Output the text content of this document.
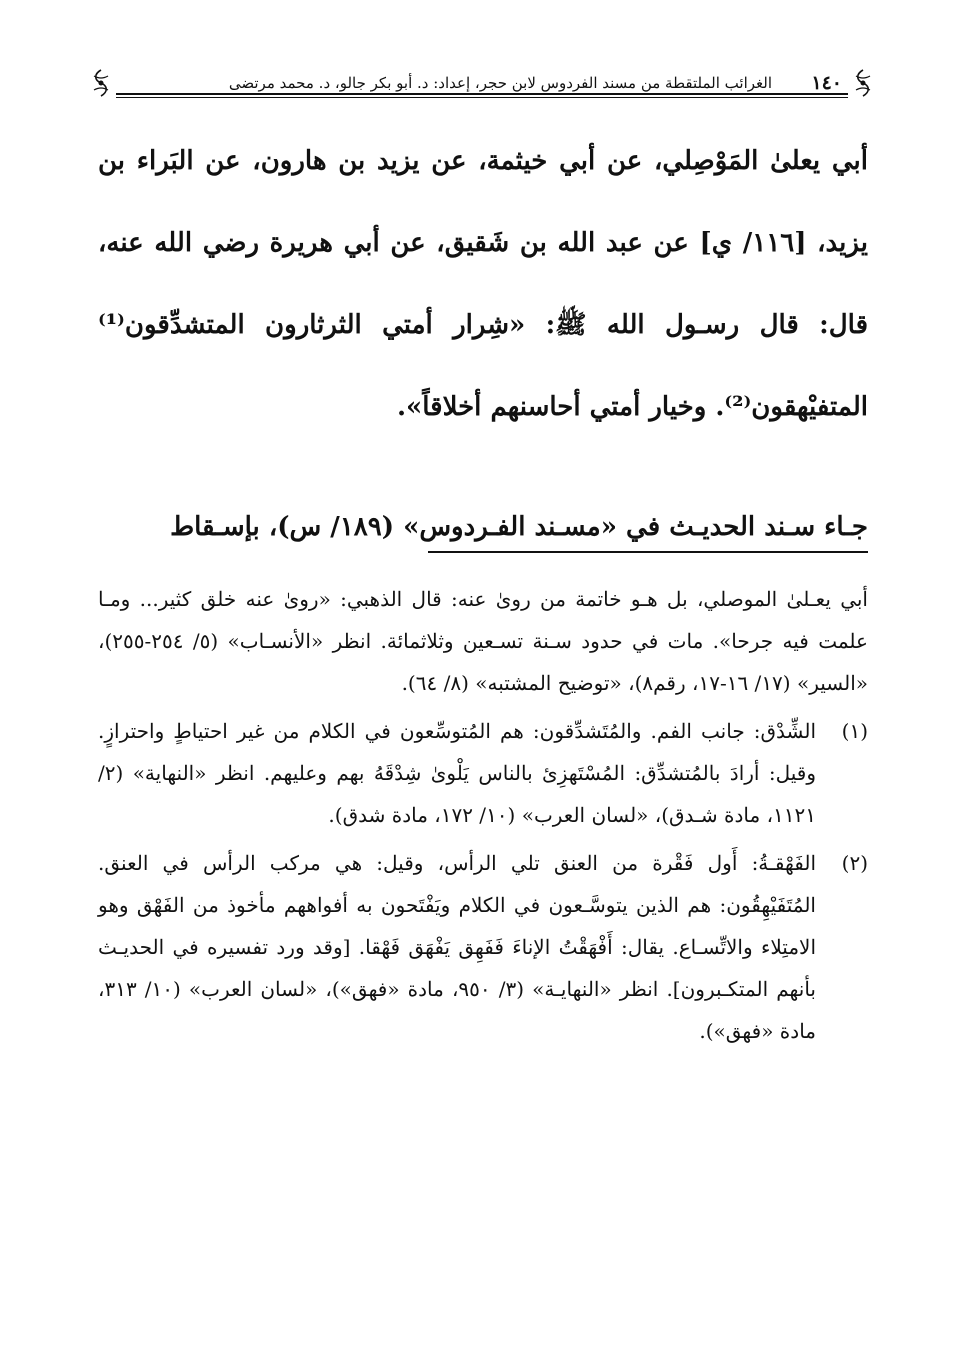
١٤٠
الغرائب الملتقطة من مسند الفردوس لابن حجر، إعداد: د. أبو بكر جالو، د. محمد مرتضى

أبي يعلىٰ المَوْصِلي، عن أبي خيثمة، عن يزيد بن هارون، عن البَراء بن يزيد، [١١٦/ ي] عن عبد الله بن شَقيق، عن أبي هريرة رضي الله عنه، قال: قال رسـول الله ﷺ: «شِرار أمتي الثرثارون المتشدِّقون⁽¹⁾ المتفيْهقون⁽²⁾. وخيار أمتي أحاسنهم أخلاقاً».

جـاء سـند الحديـث في «مسـند الفـردوس» (١٨٩/ س)، بإسـقاط

أبي يعـلىٰ الموصلي، بل هـو خاتمة من روىٰ عنه: قال الذهبي: «روىٰ عنه خلق كثير... ومـا علمت فيه جرحا». مات في حدود سـنة تسـعين وثلاثمائة. انظر «الأنسـاب» (٥/ ٢٥٤-٢٥٥)، «السير» (١٧/ ١٦-١٧، رقم٨)، «توضيح المشتبه» (٨/ ٦٤).

(١)
الشِّدْق: جانب الفم. والمُتَشدِّقون: هم المُتوسِّعون في الكلام من غير احتياطٍ واحترازٍ. وقيل: أرادَ بالمُتشدِّق: المُسْتَهزِئ بالناس يَلْوىٰ شِدْقَهُ بهم وعليهم. انظر «النهاية» (٢/ ١١٢١، مادة شـدق)، «لسان العرب» (١٠/ ١٧٢، مادة شدق).

(٢)
الفَهْقـةُ: أَول فَقْرة من العنق تلي الرأس، وقيل: هي مركب الرأس في العنق. المُتَفَيْهِقُون: هم الذين يتوسَّـعون في الكلام ويَفْتَحون به أفواههم مأخوذ من الفَهْق وهو الامتِلاء والاتِّسـاع. يقال: أَفْهَقْتُ الإناءَ فَفَهِق يَفْهَق فَهْقا. [وقد ورد تفسيره في الحديـث بأنهم المتكـبرون]. انظر «النهايـة» (٣/ ٩٥٠، مادة «فهق»)، «لسان العرب» (١٠/ ٣١٣، مادة «فهق»).
